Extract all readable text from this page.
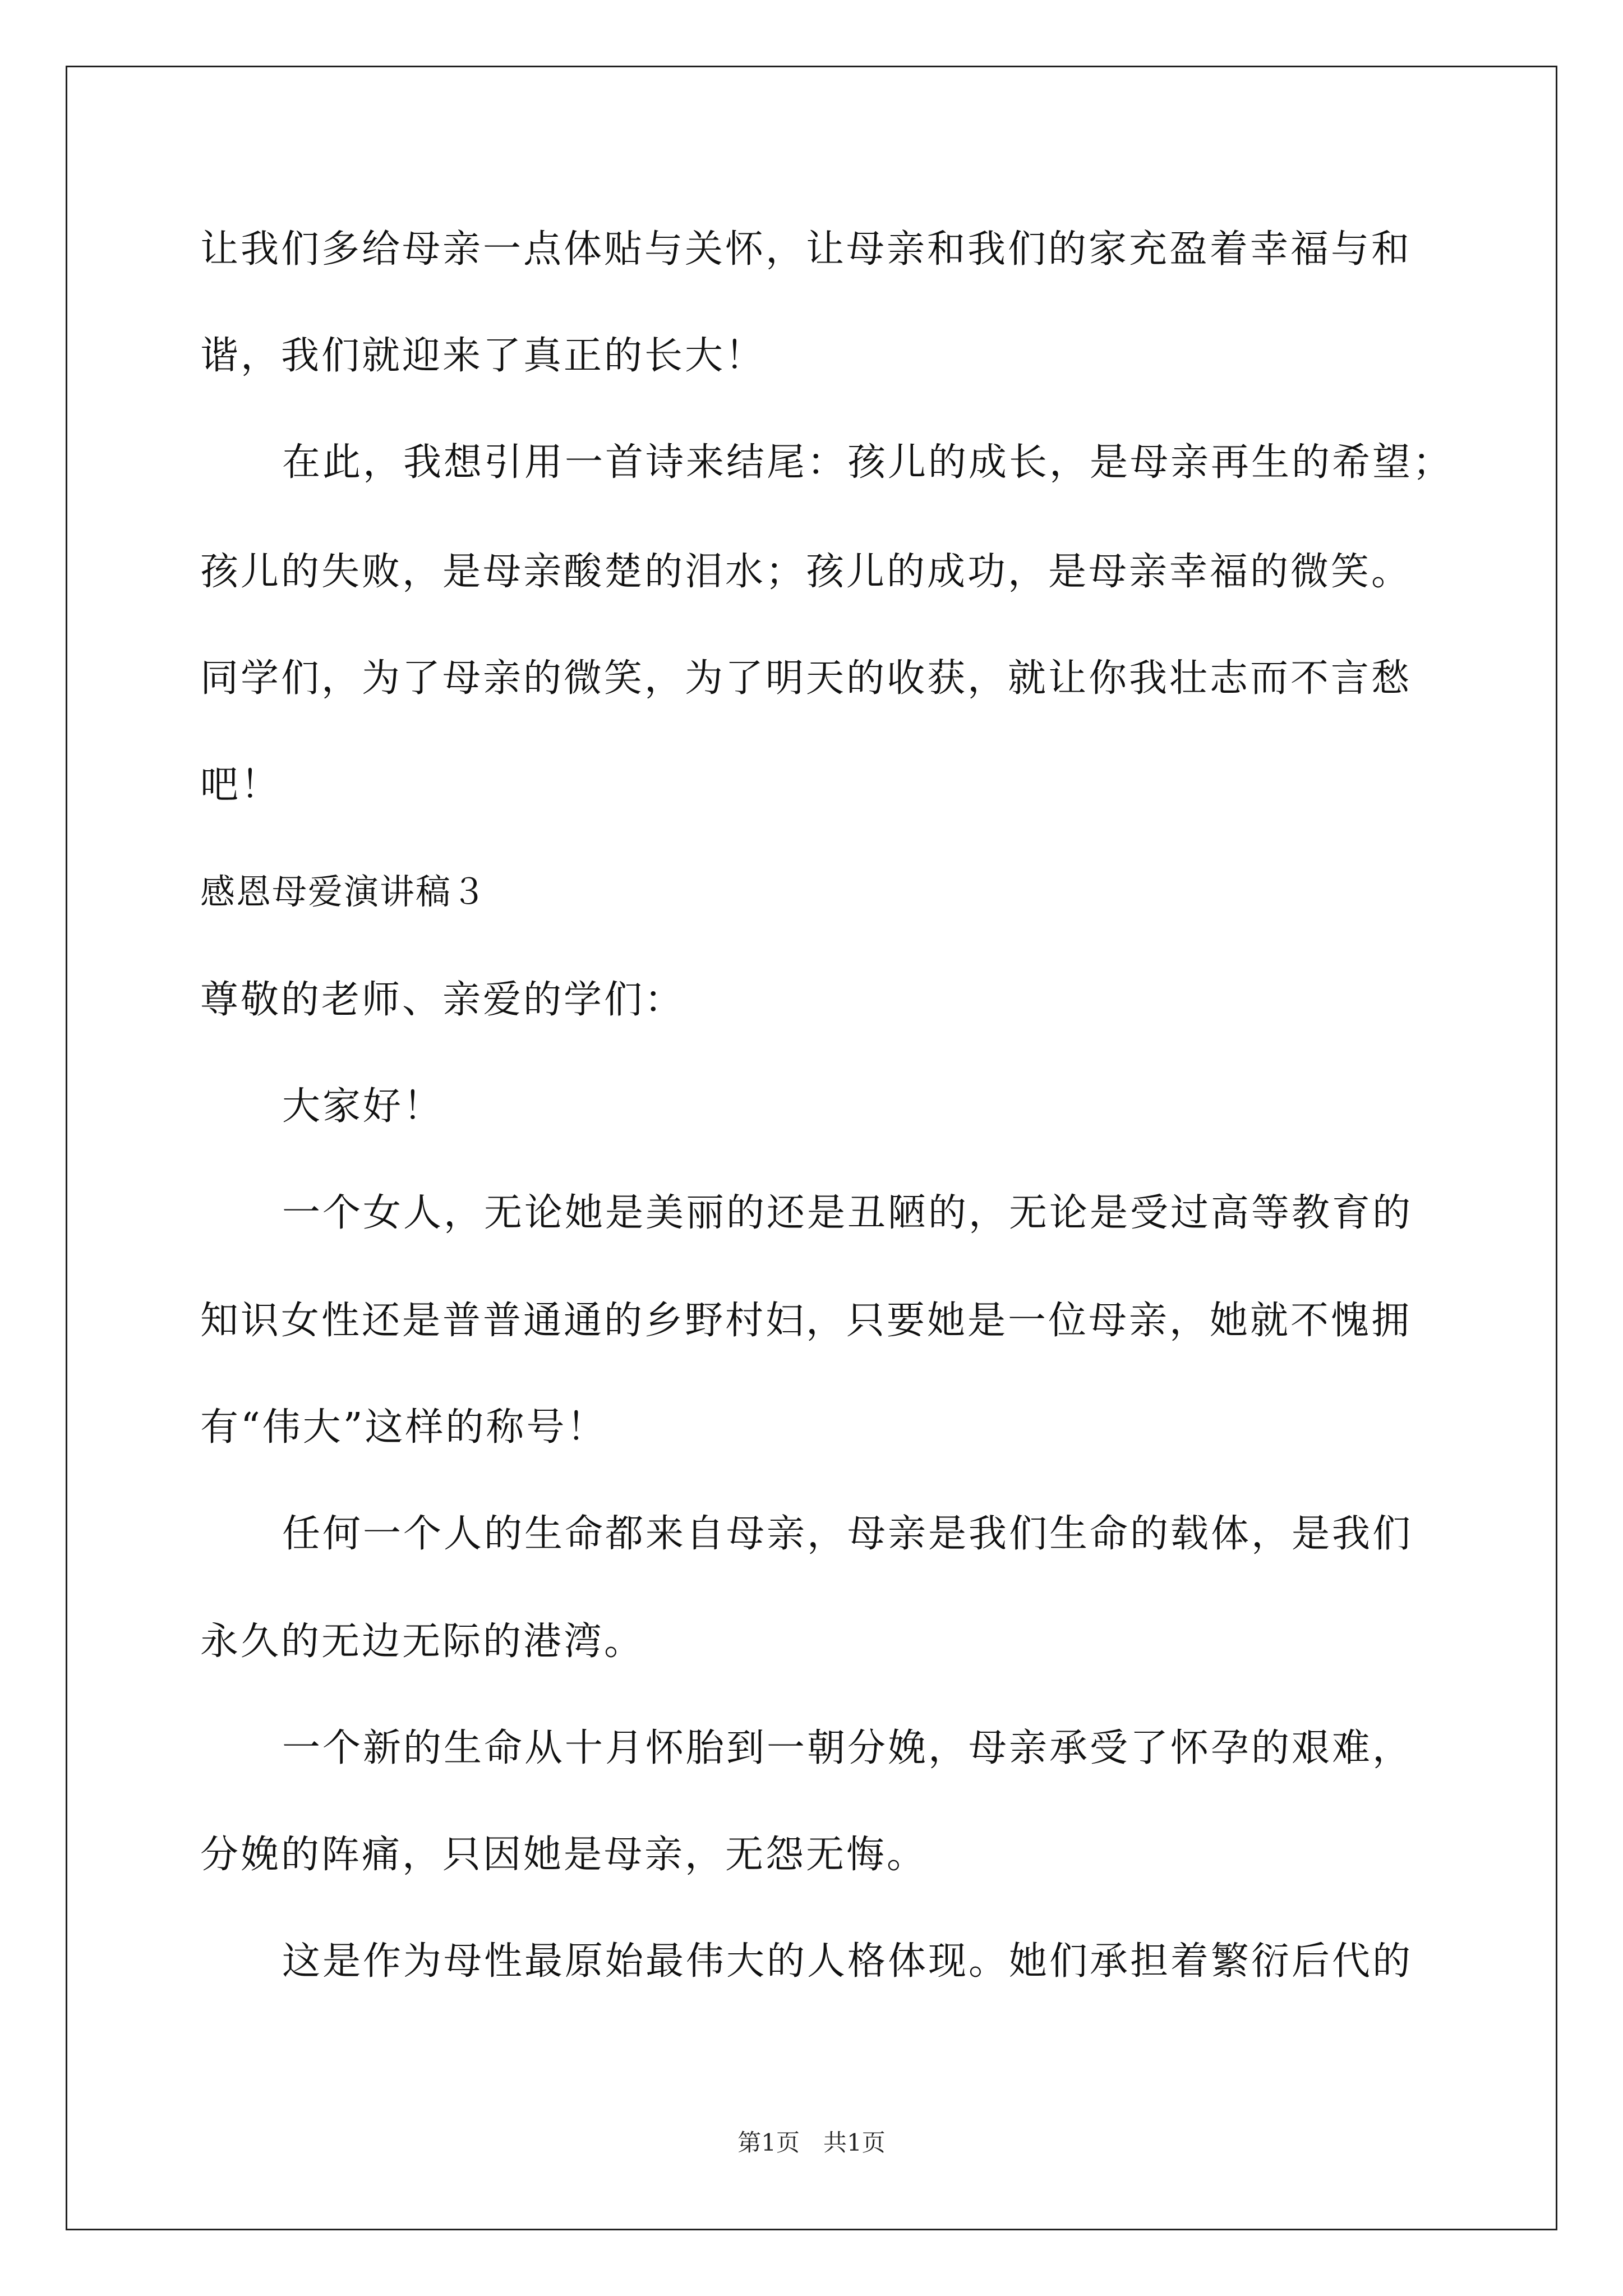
让我们多给母亲一点体贴与关怀，让母亲和我们的家充盈着幸福与和
谐，我们就迎来了真正的长大！
在此，我想引用一首诗来结尾：孩儿的成长，是母亲再生的希望；
孩儿的失败，是母亲酸楚的泪水；孩儿的成功，是母亲幸福的微笑。
同学们，为了母亲的微笑，为了明天的收获，就让你我壮志而不言愁
吧！
感恩母爱演讲稿３
尊敬的老师、亲爱的学们：
大家好！
一个女人，无论她是美丽的还是丑陋的，无论是受过高等教育的
知识女性还是普普通通的乡野村妇，只要她是一位母亲，她就不愧拥
有“伟大”这样的称号！
任何一个人的生命都来自母亲，母亲是我们生命的载体，是我们
永久的无边无际的港湾。
一个新的生命从十月怀胎到一朝分娩，母亲承受了怀孕的艰难，
分娩的阵痛，只因她是母亲，无怨无悔。
这是作为母性最原始最伟大的人格体现。她们承担着繁衍后代的
第1页　共1页
